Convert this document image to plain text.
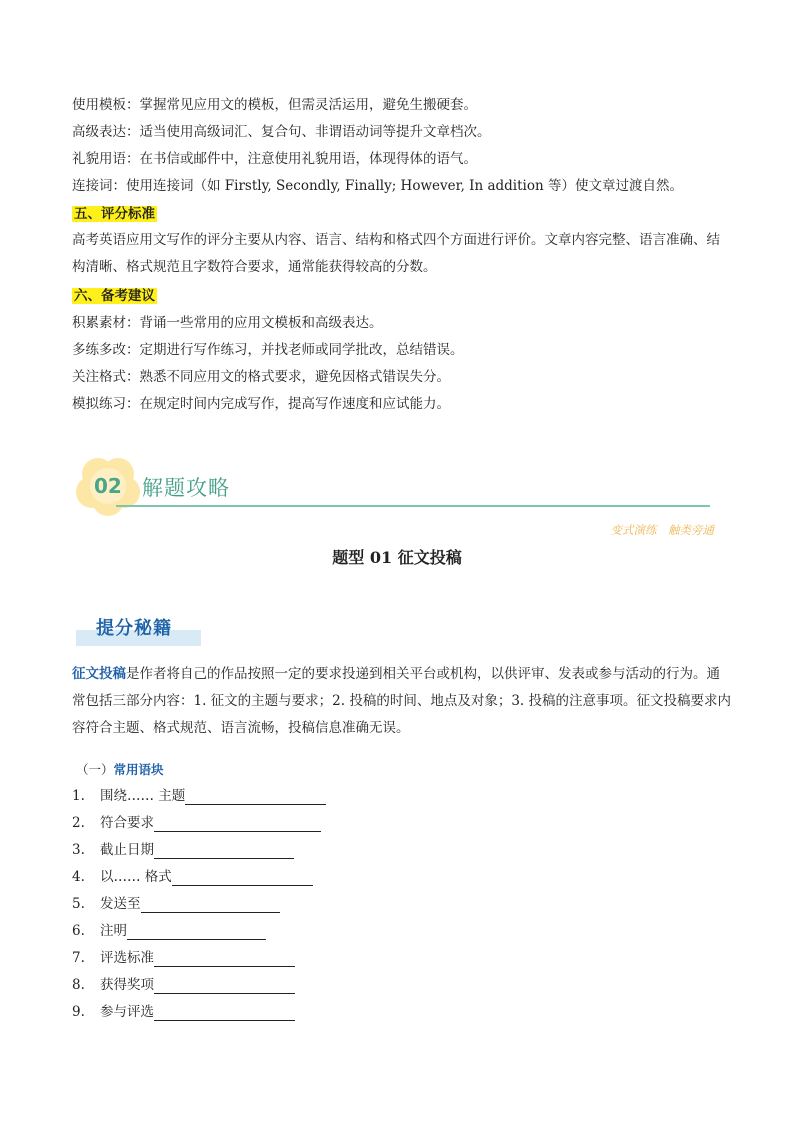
使用模板：掌握常见应用文的模板，但需灵活运用，避免生搬硬套。
高级表达：适当使用高级词汇、复合句、非谓语动词等提升文章档次。
礼貌用语：在书信或邮件中，注意使用礼貌用语，体现得体的语气。
连接词：使用连接词（如 Firstly, Secondly, Finally; However, In addition 等）使文章过渡自然。
五、评分标准
高考英语应用文写作的评分主要从内容、语言、结构和格式四个方面进行评价。文章内容完整、语言准确、结构清晰、格式规范且字数符合要求，通常能获得较高的分数。
六、备考建议
积累素材：背诵一些常用的应用文模板和高级表达。
多练多改：定期进行写作练习，并找老师或同学批改，总结错误。
关注格式：熟悉不同应用文的格式要求，避免因格式错误失分。
模拟练习：在规定时间内完成写作，提高写作速度和应试能力。
02 解题攻略
变式演练　触类旁通
题型 01 征文投稿
提分秘籍
征文投稿是作者将自己的作品按照一定的要求投递到相关平台或机构，以供评审、发表或参与活动的行为。通常包括三部分内容：1. 征文的主题与要求；2. 投稿的时间、地点及对象；3. 投稿的注意事项。征文投稿要求内容符合主题、格式规范、语言流畅，投稿信息准确无误。
（一）常用语块
1. 围绕…… 主题
2. 符合要求
3. 截止日期
4. 以…… 格式
5. 发送至
6. 注明
7. 评选标准
8. 获得奖项
9. 参与评选
